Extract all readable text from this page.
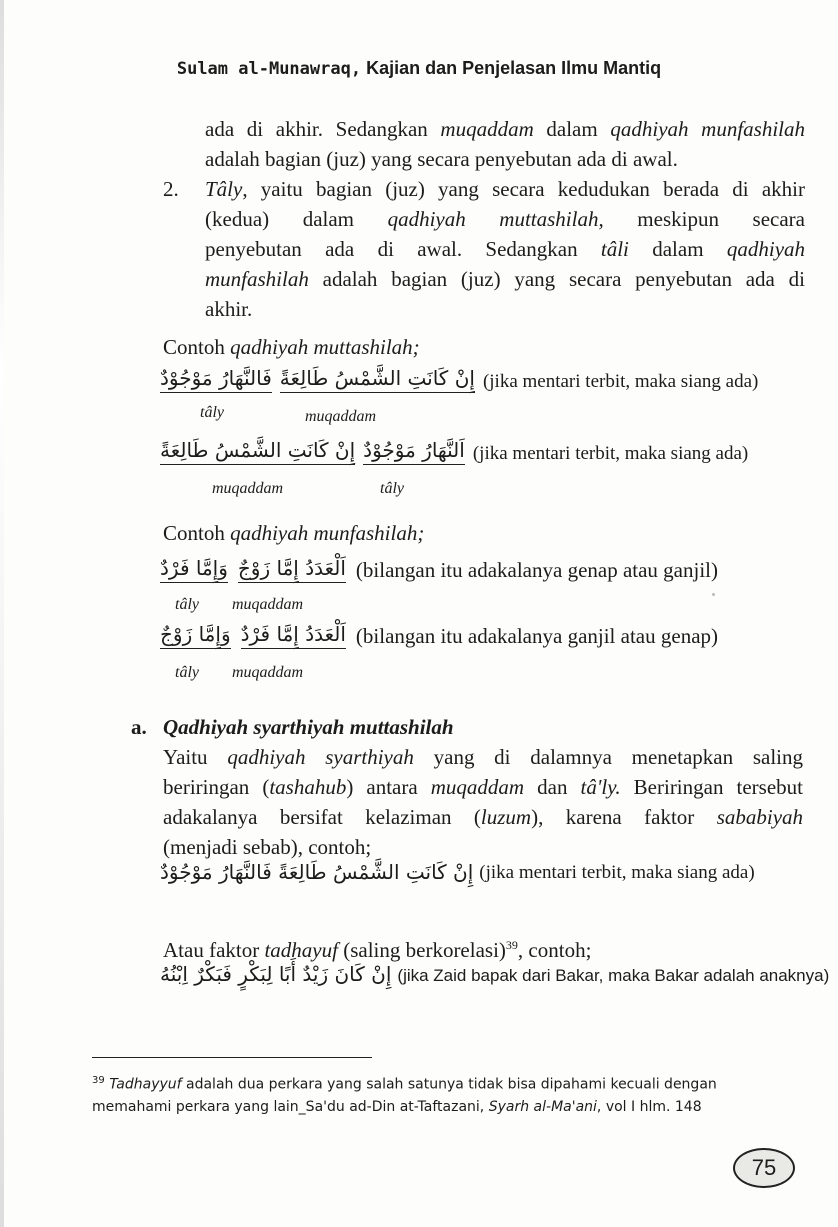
Sulam al-Munawraq, Kajian dan Penjelasan Ilmu Mantiq
ada di akhir. Sedangkan muqaddam dalam qadhiyah munfashilah
adalah bagian (juz) yang secara penyebutan ada di awal.
2. Tâly, yaitu bagian (juz) yang secara kedudukan berada di akhir
(kedua) dalam qadhiyah muttashilah, meskipun secara
penyebutan ada di awal. Sedangkan tâli dalam qadhiyah
munfashilah adalah bagian (juz) yang secara penyebutan ada di
akhir.
Contoh qadhiyah muttashilah;
فَالنَّهَارُ مَوْجُوْدٌ إِنْ كَانَتِ الشَّمْسُ طَالِعَةً (jika mentari terbit, maka siang ada)
tâly	muqaddam
إِنْ كَانَتِ الشَّمْسُ طَالِعَةً اَلنَّهَارُ مَوْجُوْدٌ (jika mentari terbit, maka siang ada)
muqaddam	tâly
Contoh qadhiyah munfashilah;
وَإِمَّا فَرْدٌ اَلْعَدَدُ إِمَّا زَوْجٌ (bilangan itu adakalanya genap atau ganjil)
tâly muqaddam
وَإِمَّا زَوْجٌ اَلْعَدَدُ إِمَّا فَرْدٌ (bilangan itu adakalanya ganjil atau genap)
tâly muqaddam
a. Qadhiyah syarthiyah muttashilah
Yaitu qadhiyah syarthiyah yang di dalamnya menetapkan saling
beriringan (tashahub) antara muqaddam dan tâ'ly. Beriringan tersebut
adakalanya bersifat kelaziman (luzum), karena faktor sababiyah
(menjadi sebab), contoh;
إِنْ كَانَتِ الشَّمْسُ طَالِعَةً فَالنَّهَارُ مَوْجُوْدٌ (jika mentari terbit, maka siang ada)
Atau faktor tadhayuf (saling berkorelasi)$^{39}$, contoh;
إِنْ كَانَ زَيْدٌ أَبًا لِبَكْرٍ فَبَكْرٌ اِبْنُهُ (jika Zaid bapak dari Bakar, maka Bakar adalah anaknya)
$^{39}$ Tadhayyuf adalah dua perkara yang salah satunya tidak bisa dipahami kecuali dengan memahami perkara yang lain_Sa'du ad-Din at-Taftazani, Syarh al-Ma'ani, vol I hlm. 148
75
